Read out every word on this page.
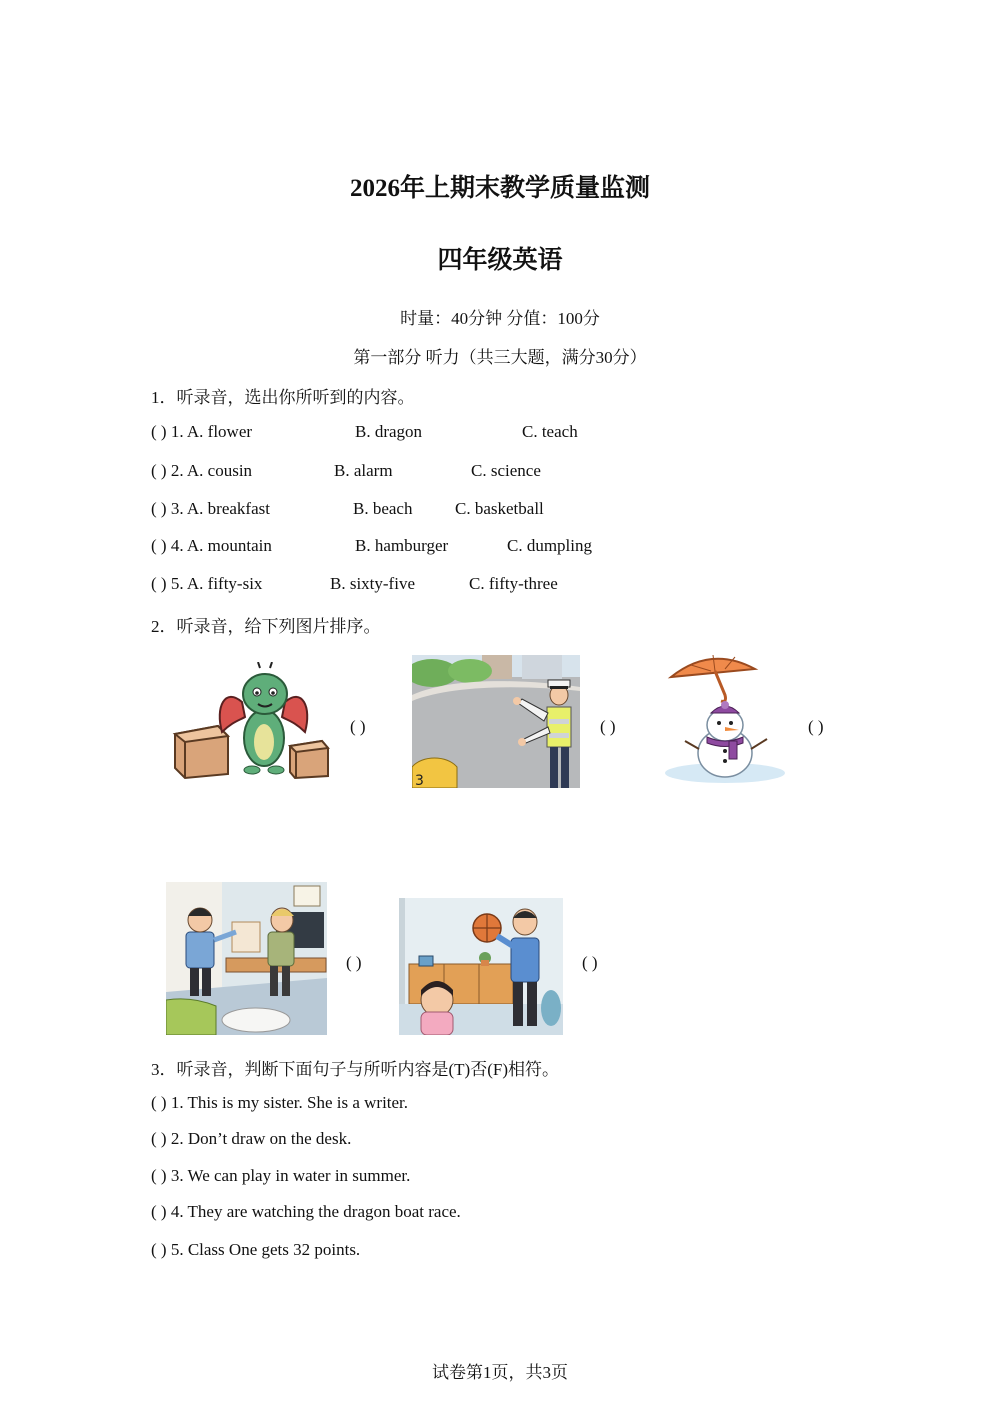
2026年上期末教学质量监测
四年级英语
时量：40分钟 分值：100分
第一部分 听力（共三大题，满分30分）
1．听录音，选出你所听到的内容。
( ) 1. A. flower	B. dragon	C. teach
( ) 2. A. cousin	B. alarm	C. science
( ) 3. A. breakfast	B. beach	C. basketball
( ) 4. A. mountain	B. hamburger	C. dumpling
( ) 5. A. fifty-six	B. sixty-five	C. fifty-three
2．听录音，给下列图片排序。
( )
3
( )	( )
( )	( )
3．听录音，判断下面句子与所听内容是(T)否(F)相符。
( ) 1. This is my sister. She is a writer.
( ) 2. Don’t draw on the desk.
( ) 3. We can play in water in summer.
( ) 4. They are watching the dragon boat race.
( ) 5. Class One gets 32 points.
试卷第1页，共3页
